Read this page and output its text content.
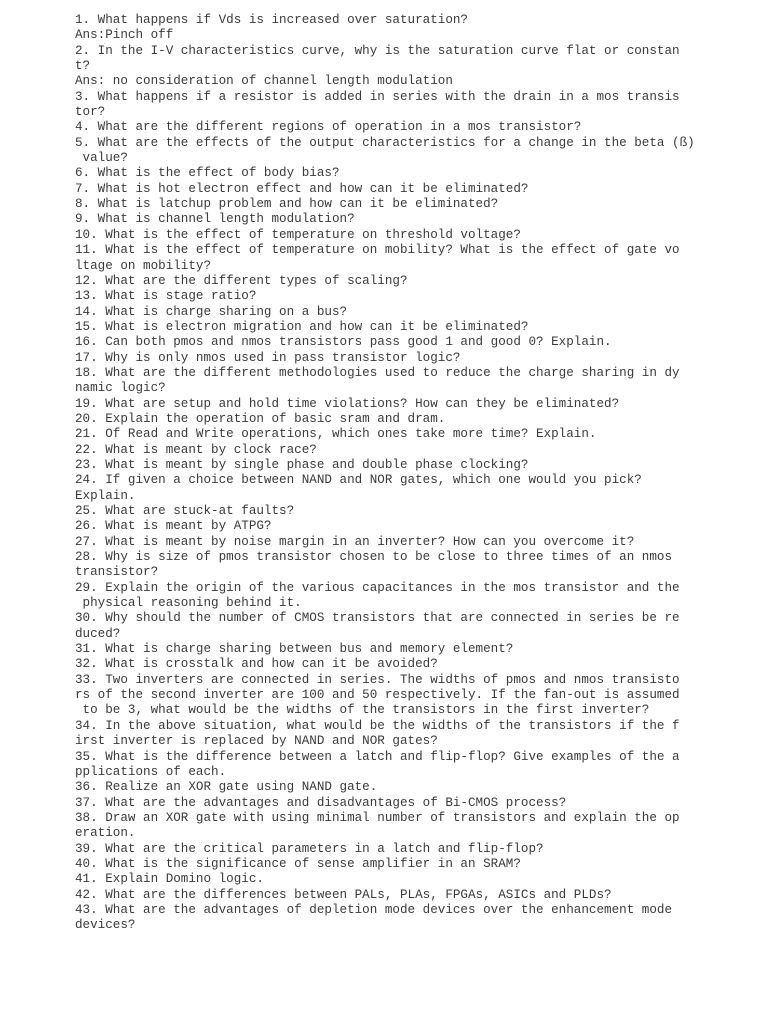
1. What happens if Vds is increased over saturation?
Ans:Pinch off
2. In the I-V characteristics curve, why is the saturation curve flat or constan
t?
Ans: no consideration of channel length modulation
3. What happens if a resistor is added in series with the drain in a mos transis
tor?
4. What are the different regions of operation in a mos transistor?
5. What are the effects of the output characteristics for a change in the beta (ß)
value?
6. What is the effect of body bias?
7. What is hot electron effect and how can it be eliminated?
8. What is latchup problem and how can it be eliminated?
9. What is channel length modulation?
10. What is the effect of temperature on threshold voltage?
11. What is the effect of temperature on mobility? What is the effect of gate vo
ltage on mobility?
12. What are the different types of scaling?
13. What is stage ratio?
14. What is charge sharing on a bus?
15. What is electron migration and how can it be eliminated?
16. Can both pmos and nmos transistors pass good 1 and good 0? Explain.
17. Why is only nmos used in pass transistor logic?
18. What are the different methodologies used to reduce the charge sharing in dy
namic logic?
19. What are setup and hold time violations? How can they be eliminated?
20. Explain the operation of basic sram and dram.
21. Of Read and Write operations, which ones take more time? Explain.
22. What is meant by clock race?
23. What is meant by single phase and double phase clocking?
24. If given a choice between NAND and NOR gates, which one would you pick?
Explain.
25. What are stuck-at faults?
26. What is meant by ATPG?
27. What is meant by noise margin in an inverter? How can you overcome it?
28. Why is size of pmos transistor chosen to be close to three times of an nmos
transistor?
29. Explain the origin of the various capacitances in the mos transistor and the
physical reasoning behind it.
30. Why should the number of CMOS transistors that are connected in series be re
duced?
31. What is charge sharing between bus and memory element?
32. What is crosstalk and how can it be avoided?
33. Two inverters are connected in series. The widths of pmos and nmos transisto
rs of the second inverter are 100 and 50 respectively. If the fan-out is assumed
to be 3, what would be the widths of the transistors in the first inverter?
34. In the above situation, what would be the widths of the transistors if the f
irst inverter is replaced by NAND and NOR gates?
35. What is the difference between a latch and flip-flop? Give examples of the a
pplications of each.
36. Realize an XOR gate using NAND gate.
37. What are the advantages and disadvantages of Bi-CMOS process?
38. Draw an XOR gate with using minimal number of transistors and explain the op
eration.
39. What are the critical parameters in a latch and flip-flop?
40. What is the significance of sense amplifier in an SRAM?
41. Explain Domino logic.
42. What are the differences between PALs, PLAs, FPGAs, ASICs and PLDs?
43. What are the advantages of depletion mode devices over the enhancement mode
devices?
